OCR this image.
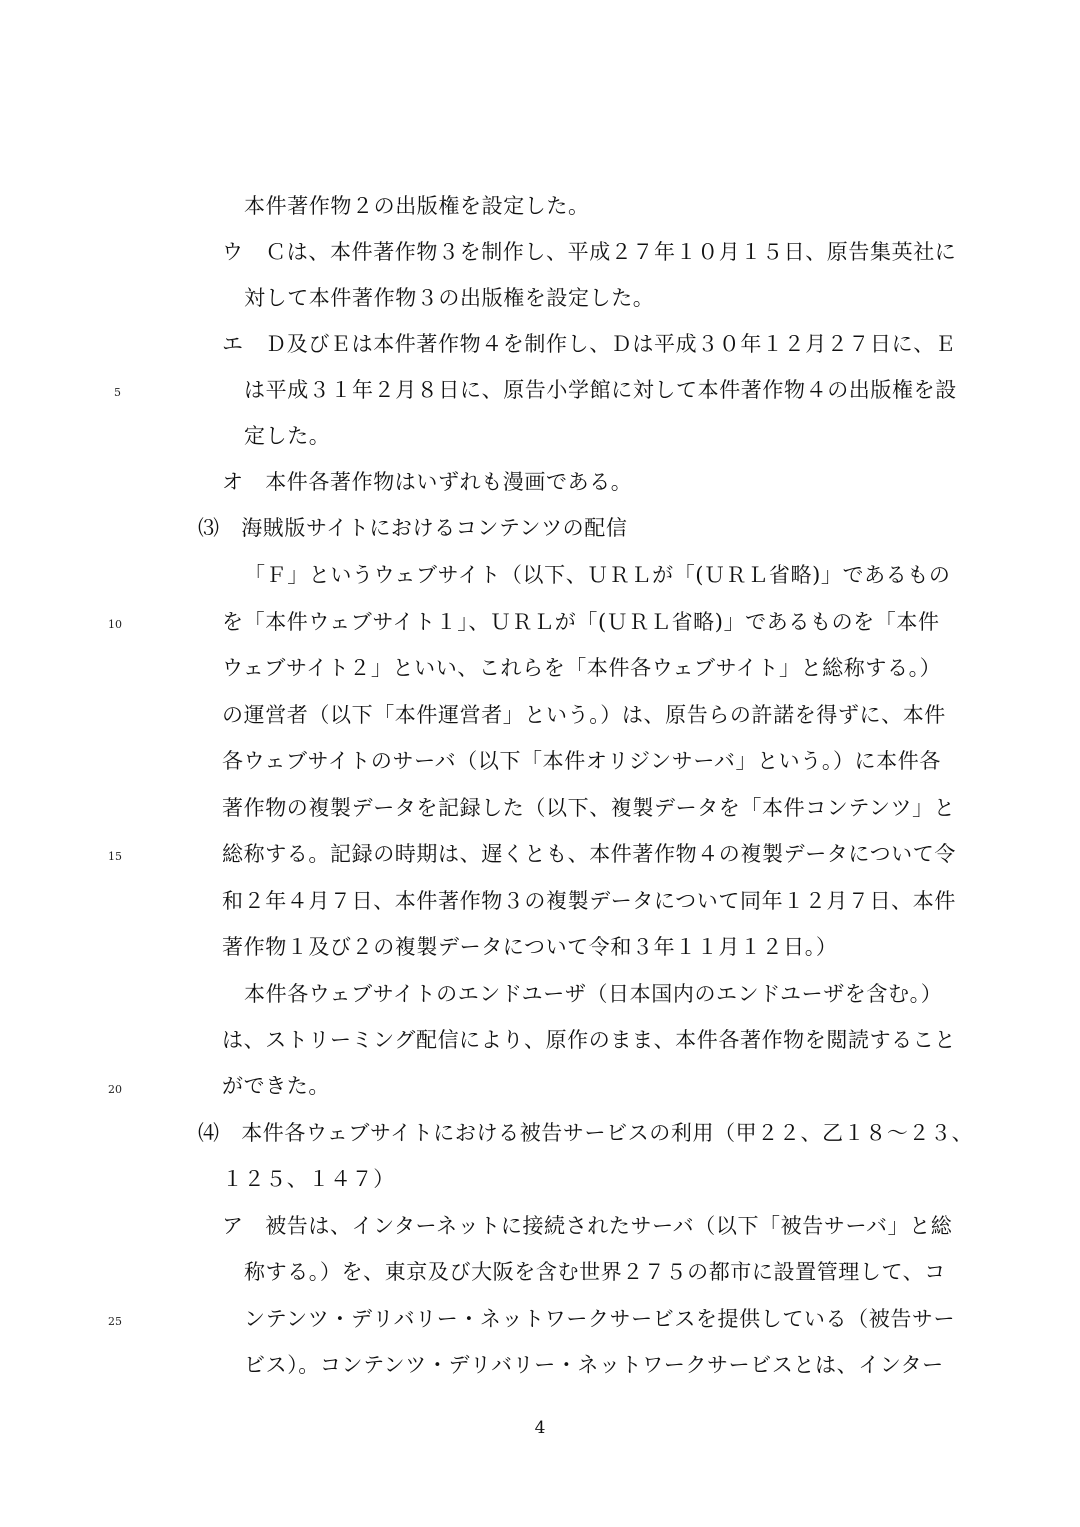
本件著作物２の出版権を設定した。
ウ　Ｃは、本件著作物３を制作し、平成２７年１０月１５日、原告集英社に
対して本件著作物３の出版権を設定した。
エ　Ｄ及びＥは本件著作物４を制作し、Ｄは平成３０年１２月２７日に、Ｅ
は平成３１年２月８日に、原告小学館に対して本件著作物４の出版権を設
定した。
オ　本件各著作物はいずれも漫画である。
⑶　海賊版サイトにおけるコンテンツの配信
「Ｆ」というウェブサイト（以下、ＵＲＬが「(ＵＲＬ省略)」であるもの
を「本件ウェブサイト１」、ＵＲＬが「(ＵＲＬ省略)」であるものを「本件
ウェブサイト２」といい、これらを「本件各ウェブサイト」と総称する。）
の運営者（以下「本件運営者」という。）は、原告らの許諾を得ずに、本件
各ウェブサイトのサーバ（以下「本件オリジンサーバ」という。）に本件各
著作物の複製データを記録した（以下、複製データを「本件コンテンツ」と
総称する。記録の時期は、遅くとも、本件著作物４の複製データについて令
和２年４月７日、本件著作物３の複製データについて同年１２月７日、本件
著作物１及び２の複製データについて令和３年１１月１２日。）
本件各ウェブサイトのエンドユーザ（日本国内のエンドユーザを含む。）
は、ストリーミング配信により、原作のまま、本件各著作物を閲読すること
ができた。
⑷　本件各ウェブサイトにおける被告サービスの利用（甲２２、乙１８～２３、
１２５、１４７）
ア　被告は、インターネットに接続されたサーバ（以下「被告サーバ」と総
称する。）を、東京及び大阪を含む世界２７５の都市に設置管理して、コ
ンテンツ・デリバリー・ネットワークサービスを提供している（被告サー
ビス）。コンテンツ・デリバリー・ネットワークサービスとは、インター
5
10
15
20
25
4
